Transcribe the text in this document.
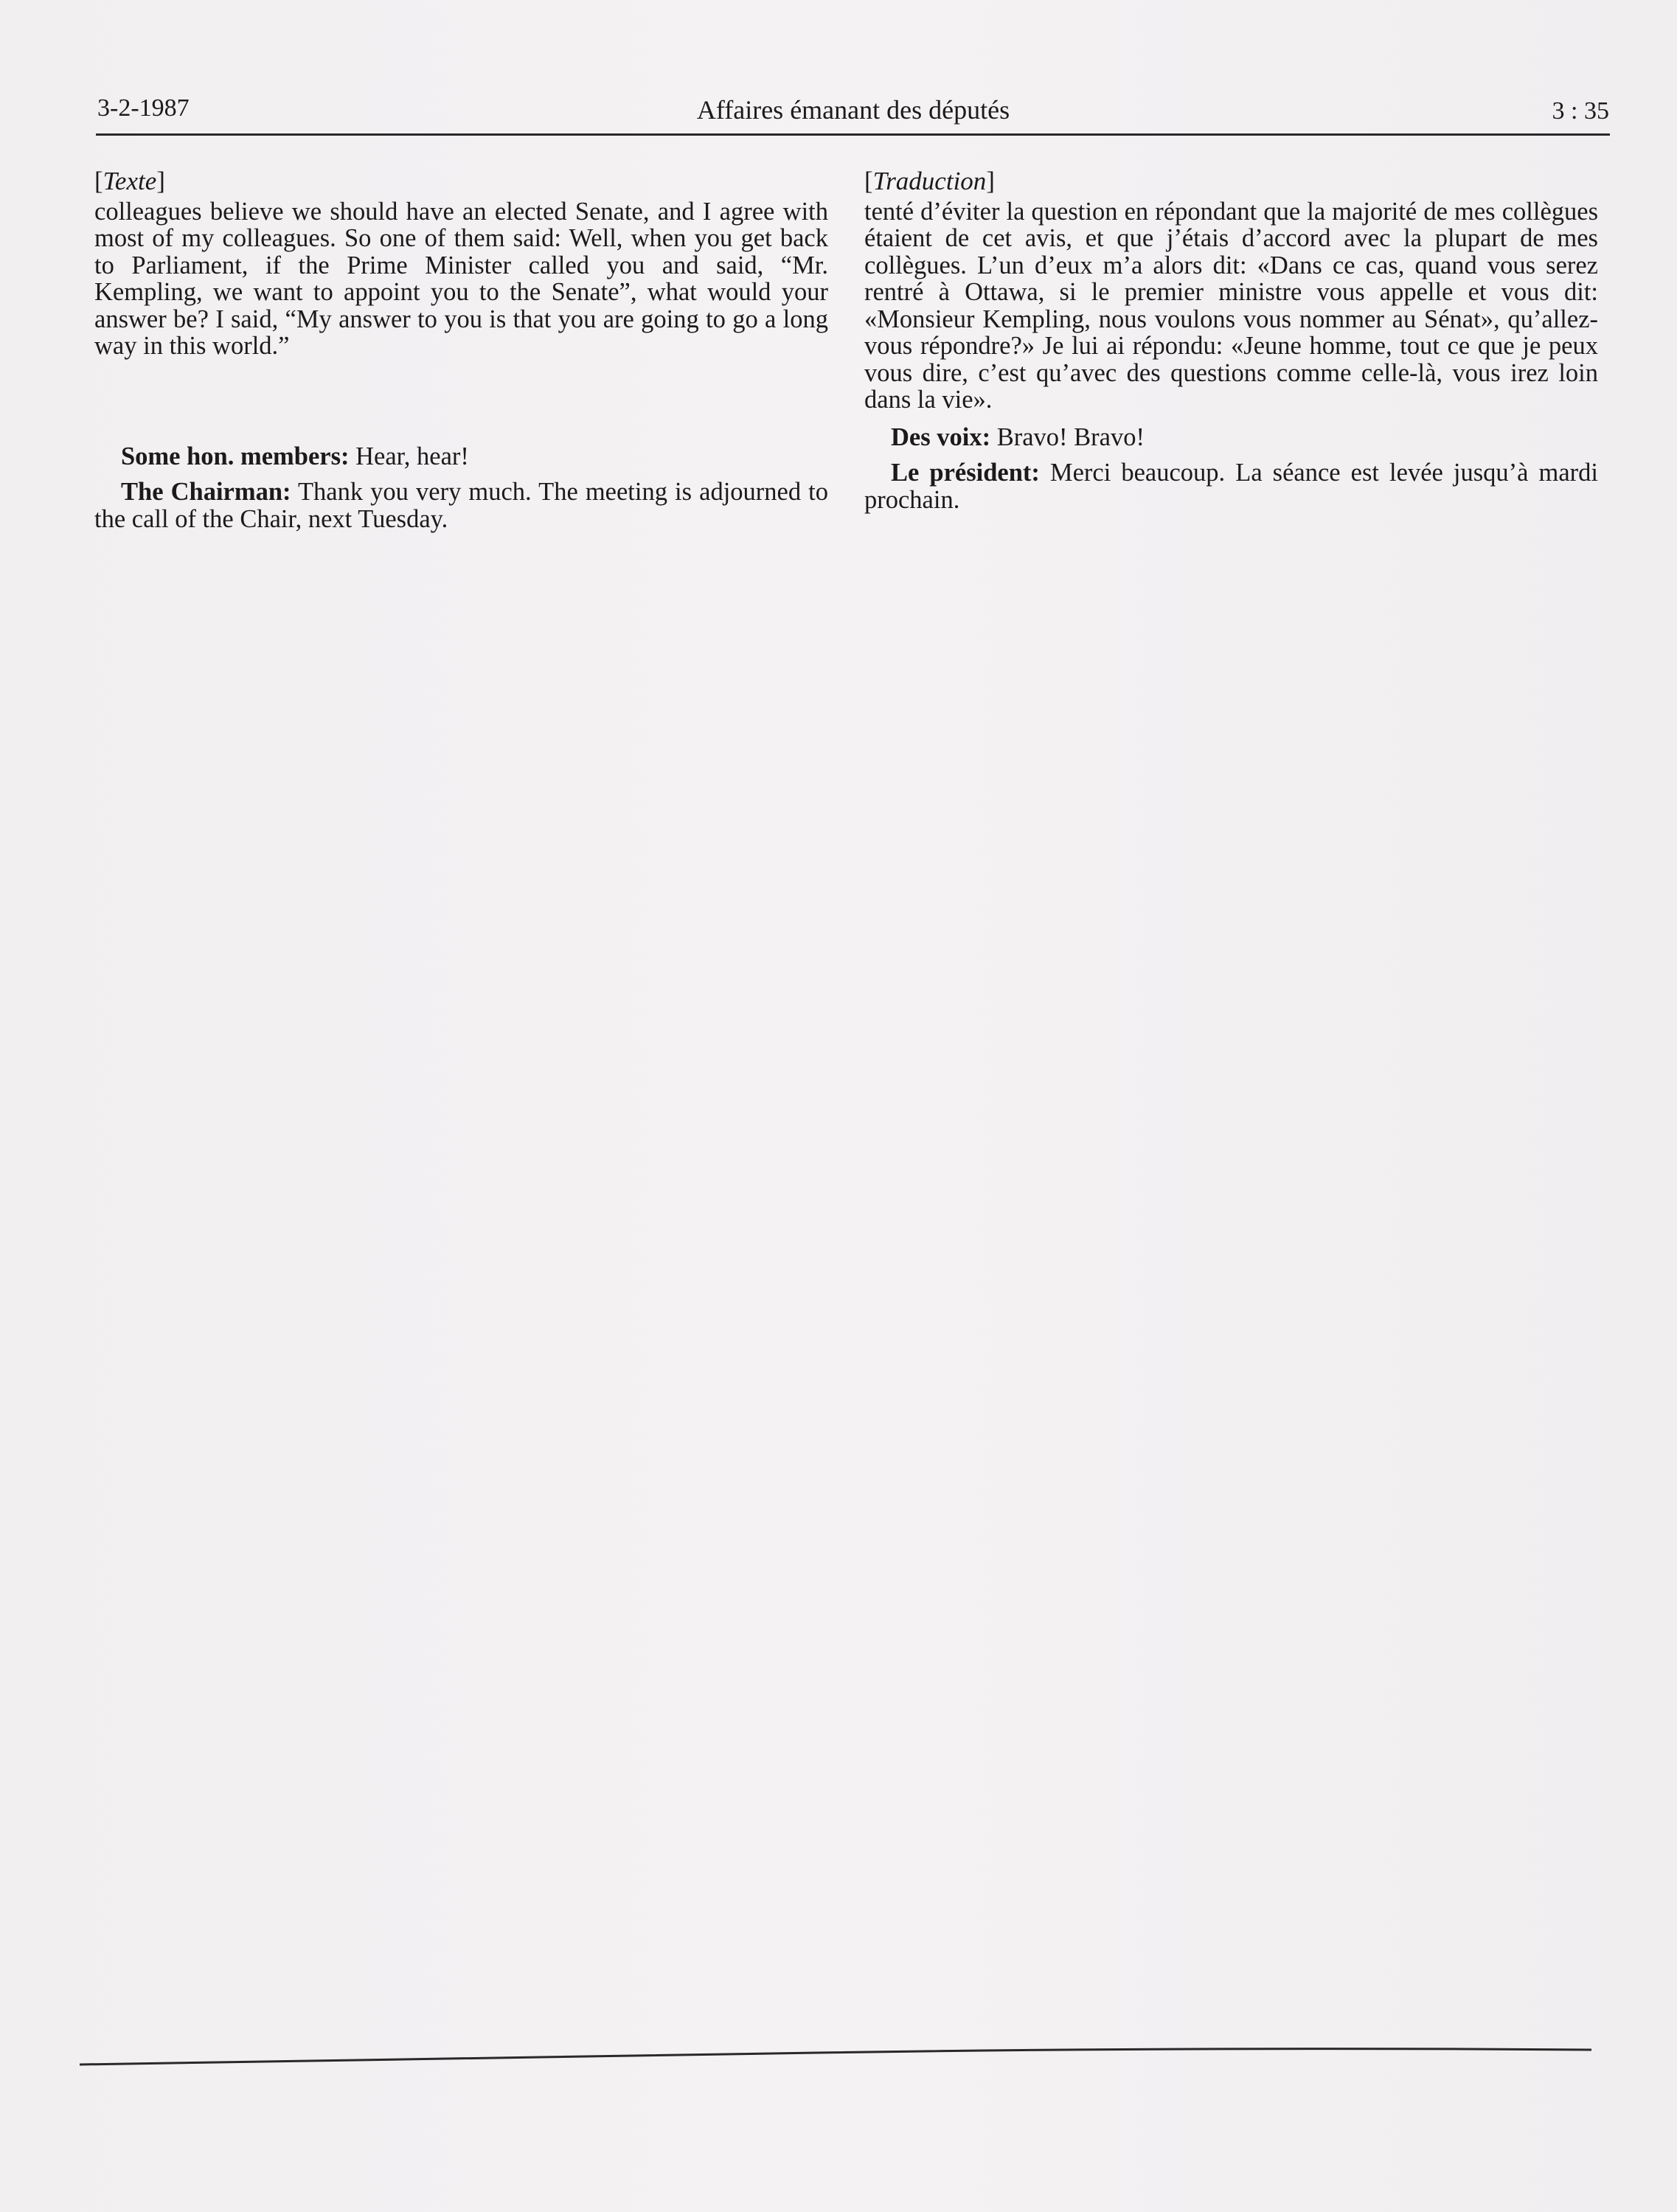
3-2-1987	Affaires émanant des députés	3 : 35
[Texte]

colleagues believe we should have an elected Senate, and I agree with most of my colleagues. So one of them said: Well, when you get back to Parliament, if the Prime Minister called you and said, “Mr. Kempling, we want to appoint you to the Senate”, what would your answer be? I said, “My answer to you is that you are going to go a long way in this world.”

Some hon. members: Hear, hear!

The Chairman: Thank you very much. The meeting is adjourned to the call of the Chair, next Tuesday.

[Traduction]

tenté d’éviter la question en répondant que la majorité de mes collègues étaient de cet avis, et que j’étais d’accord avec la plupart de mes collègues. L’un d’eux m’a alors dit: «Dans ce cas, quand vous serez rentré à Ottawa, si le premier ministre vous appelle et vous dit: «Monsieur Kempling, nous voulons vous nommer au Sénat», qu’allez-vous répondre?» Je lui ai répondu: «Jeune homme, tout ce que je peux vous dire, c’est qu’avec des questions comme celle-là, vous irez loin dans la vie».

Des voix: Bravo! Bravo!

Le président: Merci beaucoup. La séance est levée jusqu’à mardi prochain.
